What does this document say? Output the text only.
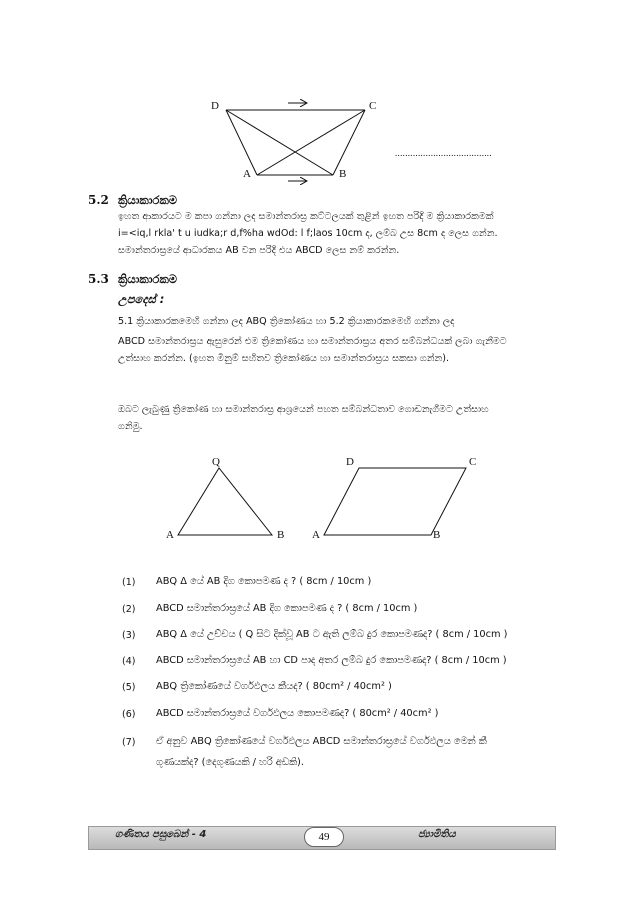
D	C
A	B
......................................
5.2 ක්‍රියාකාරකම
ඉහත ආකාරයට ම කපා ගන්නා ලද සමාන්තරාස්‍ර කට්ටලයක් තුළින් ඉහත පරිදි ම ක්‍රියාකාරකමක්
i=<iq,l rkla' t u iudka;r d,f%ha wdOd: l f;laos 10cm ද, ලම්බ උස 8cm ද ලෙස ගන්න.
සමාන්තරාස්‍රයේ ආධාරකය AB වන පරිදි එය ABCD ලෙස නම් කරන්න.
5.3 ක්‍රියාකාරකම
උපදෙස් :
5.1 ක්‍රියාකාරකමෙහි ගන්නා ලද ABQ ත්‍රිකෝණය හා 5.2 ක්‍රියාකාරකමෙහි ගන්නා ලද
ABCD සමාන්තරාස්‍රය ඇසුරෙන් එම ත්‍රිකෝණය හා සමාන්තරාස්‍රය අතර සම්බන්ධයක් ලබා ගැනීමට
උත්සාහ කරන්න. (ඉහත මිනුම් සහිතව ත්‍රිකෝණය හා සමාන්තරාස්‍රය සකසා ගන්න).
ඔබට ලැබුණු ත්‍රිකෝණ හා සමාන්තරාස්‍ර ආශ්‍රයෙන් පහත සම්බන්ධතාව ගොඩනැගීමට උත්සාහ
ගනිමු.
Q
A	B
D	C
A	B
(1) ABQ Δ යේ AB දිග කොපමණ ද ? ( 8cm / 10cm )
(2) ABCD සමාන්තරාස්‍රයේ AB දිග කොපමණ ද ? ( 8cm / 10cm )
(3) ABQ Δ යේ උච්චය ( Q සිට දික්වූ AB ට ඇති ලම්බ දුර කොපමණද? ( 8cm / 10cm )
(4) ABCD සමාන්තරාස්‍රයේ AB හා CD පාද අතර ලම්බ දුර කොපමණද? ( 8cm / 10cm )
(5) ABQ ත්‍රිකෝණයේ වර්ගඵලය කීයද? ( 80cm² / 40cm² )
(6) ABCD සමාන්තරාස්‍රයේ වර්ගඵලය කොපමණද? ( 80cm² / 40cm² )
(7) ඒ අනුව ABQ ත්‍රිකෝණයේ වර්ගඵලය ABCD සමාන්තරාස්‍රයේ වර්ගඵලය මෙන් කී
ගුණයක්ද? (දෙගුණයකි / හරි අඩකි).
ගණිතය පසුබෙන් - 4	49	ජ්‍යාමිතිය
